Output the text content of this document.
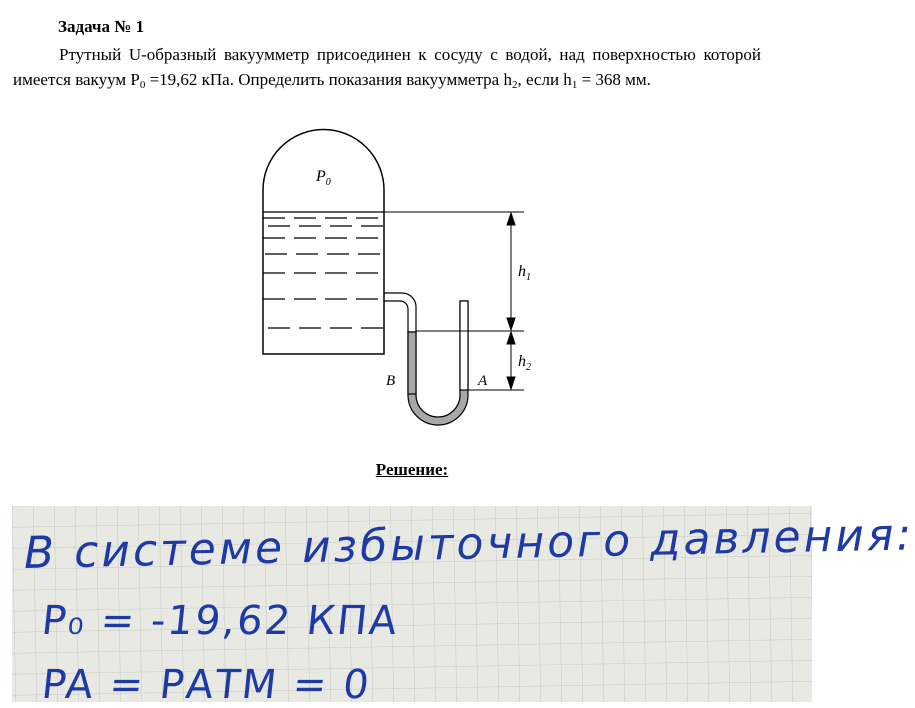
Задача № 1
Ртутный U-образный вакуумметр присоединен к сосуду с водой, над поверхностью которой имеется вакуум $P_0 =19,62$ кПа. Определить показания вакуумметра $h_2$, если $h_1 = 368$ мм.
$P_0$
$h_1$
$h_2$
B	A
Решение:
В системе избыточного давления:
P₀ = -19,62 КПА
PA = PАТМ = 0
